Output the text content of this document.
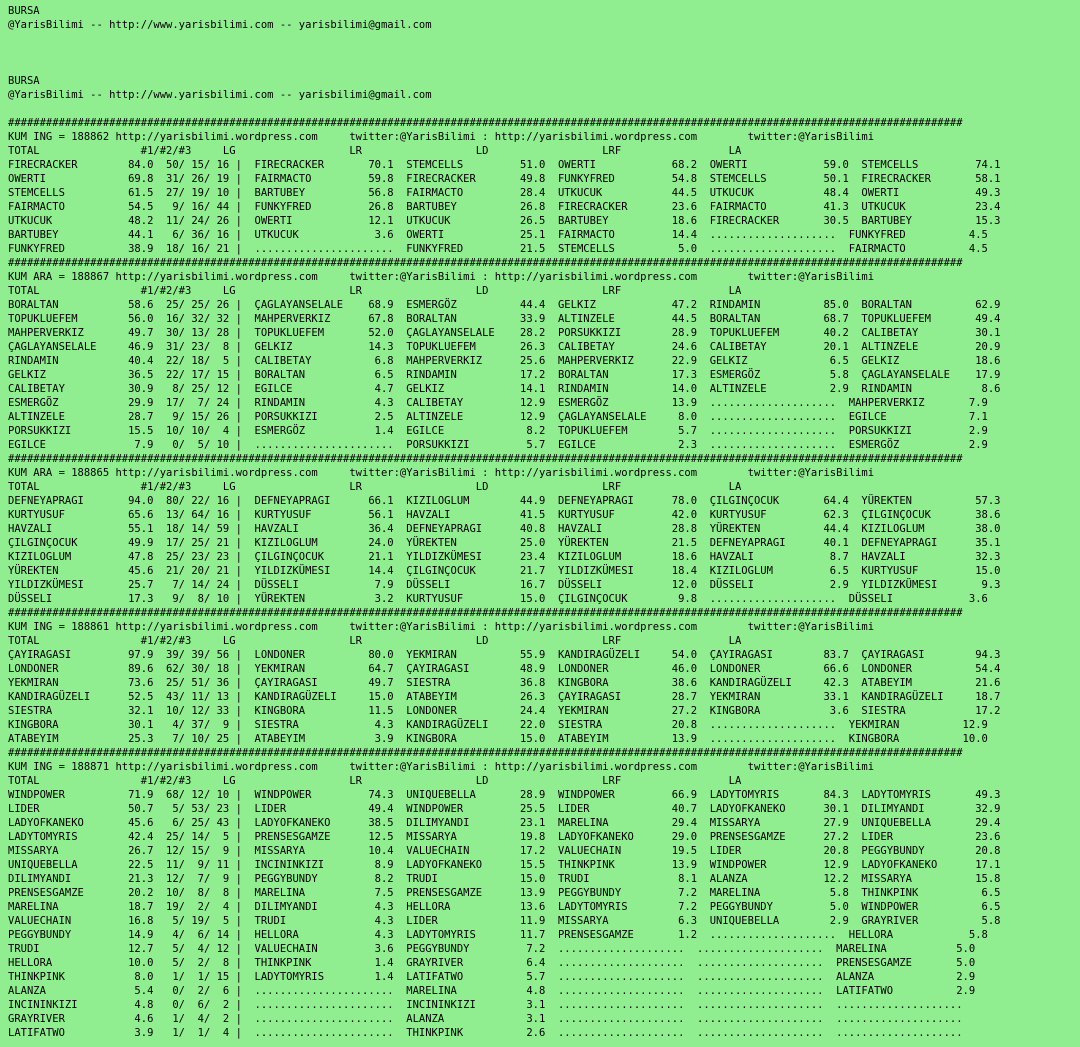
BURSA
@YarisBilimi -- http://www.yarisbilimi.com -- yarisbilimi@gmail.com
BURSA
@YarisBilimi -- http://www.yarisbilimi.com -- yarisbilimi@gmail.com
#######################################################################################################################################################
KUM ING = 188862 http://yarisbilimi.wordpress.com     twitter:@YarisBilimi : http://yarisbilimi.wordpress.com        twitter:@YarisBilimi
TOTAL                #1/#2/#3     LG                  LR                  LD                  LRF                 LA
FIRECRACKER        84.0  50/ 15/ 16 |  FIRECRACKER       70.1  STEMCELLS         51.0  OWERTI            68.2  OWERTI            59.0  STEMCELLS         74.1
OWERTI             69.8  31/ 26/ 19 |  FAIRMACTO         59.8  FIRECRACKER       49.8  FUNKYFRED         54.8  STEMCELLS         50.1  FIRECRACKER       58.1
STEMCELLS          61.5  27/ 19/ 10 |  BARTUBEY          56.8  FAIRMACTO         28.4  UTKUCUK           44.5  UTKUCUK           48.4  OWERTI            49.3
FAIRMACTO          54.5   9/ 16/ 44 |  FUNKYFRED         26.8  BARTUBEY          26.8  FIRECRACKER       23.6  FAIRMACTO         41.3  UTKUCUK           23.4
UTKUCUK            48.2  11/ 24/ 26 |  OWERTI            12.1  UTKUCUK           26.5  BARTUBEY          18.6  FIRECRACKER       30.5  BARTUBEY          15.3
BARTUBEY           44.1   6/ 36/ 16 |  UTKUCUK            3.6  OWERTI            25.1  FAIRMACTO         14.4  ....................  FUNKYFRED          4.5
FUNKYFRED          38.9  18/ 16/ 21 |  ......................  FUNKYFRED         21.5  STEMCELLS          5.0  ....................  FAIRMACTO          4.5
#######################################################################################################################################################
KUM ARA = 188867 http://yarisbilimi.wordpress.com     twitter:@YarisBilimi : http://yarisbilimi.wordpress.com        twitter:@YarisBilimi
TOTAL                #1/#2/#3     LG                  LR                  LD                  LRF                 LA
BORALTAN           58.6  25/ 25/ 26 |  ÇAGLAYANSELALE    68.9  ESMERGÖZ          44.4  GELKIZ            47.2  RINDAMIN          85.0  BORALTAN          62.9
TOPUKLUEFEM        56.0  16/ 32/ 32 |  MAHPERVERKIZ      67.8  BORALTAN          33.9  ALTINZELE         44.5  BORALTAN          68.7  TOPUKLUEFEM       49.4
MAHPERVERKIZ       49.7  30/ 13/ 28 |  TOPUKLUEFEM       52.0  ÇAGLAYANSELALE    28.2  PORSUKKIZI        28.9  TOPUKLUEFEM       40.2  CALIBETAY         30.1
ÇAGLAYANSELALE     46.9  31/ 23/  8 |  GELKIZ            14.3  TOPUKLUEFEM       26.3  CALIBETAY         24.6  CALIBETAY         20.1  ALTINZELE         20.9
RINDAMIN           40.4  22/ 18/  5 |  CALIBETAY          6.8  MAHPERVERKIZ      25.6  MAHPERVERKIZ      22.9  GELKIZ             6.5  GELKIZ            18.6
GELKIZ             36.5  22/ 17/ 15 |  BORALTAN           6.5  RINDAMIN          17.2  BORALTAN          17.3  ESMERGÖZ           5.8  ÇAGLAYANSELALE    17.9
CALIBETAY          30.9   8/ 25/ 12 |  EGILCE             4.7  GELKIZ            14.1  RINDAMIN          14.0  ALTINZELE          2.9  RINDAMIN           8.6
ESMERGÖZ           29.9  17/  7/ 24 |  RINDAMIN           4.3  CALIBETAY         12.9  ESMERGÖZ          13.9  ....................  MAHPERVERKIZ       7.9
ALTINZELE          28.7   9/ 15/ 26 |  PORSUKKIZI         2.5  ALTINZELE         12.9  ÇAGLAYANSELALE     8.0  ....................  EGILCE             7.1
PORSUKKIZI         15.5  10/ 10/  4 |  ESMERGÖZ           1.4  EGILCE             8.2  TOPUKLUEFEM        5.7  ....................  PORSUKKIZI         2.9
EGILCE              7.9   0/  5/ 10 |  ......................  PORSUKKIZI         5.7  EGILCE             2.3  ....................  ESMERGÖZ           2.9
#######################################################################################################################################################
KUM ARA = 188865 http://yarisbilimi.wordpress.com     twitter:@YarisBilimi : http://yarisbilimi.wordpress.com        twitter:@YarisBilimi
TOTAL                #1/#2/#3     LG                  LR                  LD                  LRF                 LA
DEFNEYAPRAGI       94.0  80/ 22/ 16 |  DEFNEYAPRAGI      66.1  KIZILOGLUM        44.9  DEFNEYAPRAGI      78.0  ÇILGINÇOCUK       64.4  YÜREKTEN          57.3
KURTYUSUF          65.6  13/ 64/ 16 |  KURTYUSUF         56.1  HAVZALI           41.5  KURTYUSUF         42.0  KURTYUSUF         62.3  ÇILGINÇOCUK       38.6
HAVZALI            55.1  18/ 14/ 59 |  HAVZALI           36.4  DEFNEYAPRAGI      40.8  HAVZALI           28.8  YÜREKTEN          44.4  KIZILOGLUM        38.0
ÇILGINÇOCUK        49.9  17/ 25/ 21 |  KIZILOGLUM        24.0  YÜREKTEN          25.0  YÜREKTEN          21.5  DEFNEYAPRAGI      40.1  DEFNEYAPRAGI      35.1
KIZILOGLUM         47.8  25/ 23/ 23 |  ÇILGINÇOCUK       21.1  YILDIZKÜMESI      23.4  KIZILOGLUM        18.6  HAVZALI            8.7  HAVZALI           32.3
YÜREKTEN           45.6  21/ 20/ 21 |  YILDIZKÜMESI      14.4  ÇILGINÇOCUK       21.7  YILDIZKÜMESI      18.4  KIZILOGLUM         6.5  KURTYUSUF         15.0
YILDIZKÜMESI       25.7   7/ 14/ 24 |  DÜSSELI            7.9  DÜSSELI           16.7  DÜSSELI           12.0  DÜSSELI            2.9  YILDIZKÜMESI       9.3
DÜSSELI            17.3   9/  8/ 10 |  YÜREKTEN           3.2  KURTYUSUF         15.0  ÇILGINÇOCUK        9.8  ....................  DÜSSELI            3.6
#######################################################################################################################################################
KUM ING = 188861 http://yarisbilimi.wordpress.com     twitter:@YarisBilimi : http://yarisbilimi.wordpress.com        twitter:@YarisBilimi
TOTAL                #1/#2/#3     LG                  LR                  LD                  LRF                 LA
ÇAYIRAGASI         97.9  39/ 39/ 56 |  LONDONER          80.0  YEKMIRAN          55.9  KANDIRAGÜZELI     54.0  ÇAYIRAGASI        83.7  ÇAYIRAGASI        94.3
LONDONER           89.6  62/ 30/ 18 |  YEKMIRAN          64.7  ÇAYIRAGASI        48.9  LONDONER          46.0  LONDONER          66.6  LONDONER          54.4
YEKMIRAN           73.6  25/ 51/ 36 |  ÇAYIRAGASI        49.7  SIESTRA           36.8  KINGBORA          38.6  KANDIRAGÜZELI     42.3  ATABEYIM          21.6
KANDIRAGÜZELI      52.5  43/ 11/ 13 |  KANDIRAGÜZELI     15.0  ATABEYIM          26.3  ÇAYIRAGASI        28.7  YEKMIRAN          33.1  KANDIRAGÜZELI     18.7
SIESTRA            32.1  10/ 12/ 33 |  KINGBORA          11.5  LONDONER          24.4  YEKMIRAN          27.2  KINGBORA           3.6  SIESTRA           17.2
KINGBORA           30.1   4/ 37/  9 |  SIESTRA            4.3  KANDIRAGÜZELI     22.0  SIESTRA           20.8  ....................  YEKMIRAN          12.9
ATABEYIM           25.3   7/ 10/ 25 |  ATABEYIM           3.9  KINGBORA          15.0  ATABEYIM          13.9  ....................  KINGBORA          10.0
#######################################################################################################################################################
KUM ING = 188871 http://yarisbilimi.wordpress.com     twitter:@YarisBilimi : http://yarisbilimi.wordpress.com        twitter:@YarisBilimi
TOTAL                #1/#2/#3     LG                  LR                  LD                  LRF                 LA
WINDPOWER          71.9  68/ 12/ 10 |  WINDPOWER         74.3  UNIQUEBELLA       28.9  WINDPOWER         66.9  LADYTOMYRIS       84.3  LADYTOMYRIS       49.3
LIDER              50.7   5/ 53/ 23 |  LIDER             49.4  WINDPOWER         25.5  LIDER             40.7  LADYOFKANEKO      30.1  DILIMYANDI        32.9
LADYOFKANEKO       45.6   6/ 25/ 43 |  LADYOFKANEKO      38.5  DILIMYANDI        23.1  MARELINA          29.4  MISSARYA          27.9  UNIQUEBELLA       29.4
LADYTOMYRIS        42.4  25/ 14/  5 |  PRENSESGAMZE      12.5  MISSARYA          19.8  LADYOFKANEKO      29.0  PRENSESGAMZE      27.2  LIDER             23.6
MISSARYA           26.7  12/ 15/  9 |  MISSARYA          10.4  VALUECHAIN        17.2  VALUECHAIN        19.5  LIDER             20.8  PEGGYBUNDY        20.8
UNIQUEBELLA        22.5  11/  9/ 11 |  INCININKIZI        8.9  LADYOFKANEKO      15.5  THINKPINK         13.9  WINDPOWER         12.9  LADYOFKANEKO      17.1
DILIMYANDI         21.3  12/  7/  9 |  PEGGYBUNDY         8.2  TRUDI             15.0  TRUDI              8.1  ALANZA            12.2  MISSARYA          15.8
PRENSESGAMZE       20.2  10/  8/  8 |  MARELINA           7.5  PRENSESGAMZE      13.9  PEGGYBUNDY         7.2  MARELINA           5.8  THINKPINK          6.5
MARELINA           18.7  19/  2/  4 |  DILIMYANDI         4.3  HELLORA           13.6  LADYTOMYRIS        7.2  PEGGYBUNDY         5.0  WINDPOWER          6.5
VALUECHAIN         16.8   5/ 19/  5 |  TRUDI              4.3  LIDER             11.9  MISSARYA           6.3  UNIQUEBELLA        2.9  GRAYRIVER          5.8
PEGGYBUNDY         14.9   4/  6/ 14 |  HELLORA            4.3  LADYTOMYRIS       11.7  PRENSESGAMZE       1.2  ....................  HELLORA            5.8
TRUDI              12.7   5/  4/ 12 |  VALUECHAIN         3.6  PEGGYBUNDY         7.2  ....................  ....................  MARELINA           5.0
HELLORA            10.0   5/  2/  8 |  THINKPINK          1.4  GRAYRIVER          6.4  ....................  ....................  PRENSESGAMZE       5.0
THINKPINK           8.0   1/  1/ 15 |  LADYTOMYRIS        1.4  LATIFATWO          5.7  ....................  ....................  ALANZA             2.9
ALANZA              5.4   0/  2/  6 |  ......................  MARELINA           4.8  ....................  ....................  LATIFATWO          2.9
INCININKIZI         4.8   0/  6/  2 |  ......................  INCININKIZI        3.1  ....................  ....................  ....................
GRAYRIVER           4.6   1/  4/  2 |  ......................  ALANZA             3.1  ....................  ....................  ....................
LATIFATWO           3.9   1/  1/  4 |  ......................  THINKPINK          2.6  ....................  ....................  ....................
